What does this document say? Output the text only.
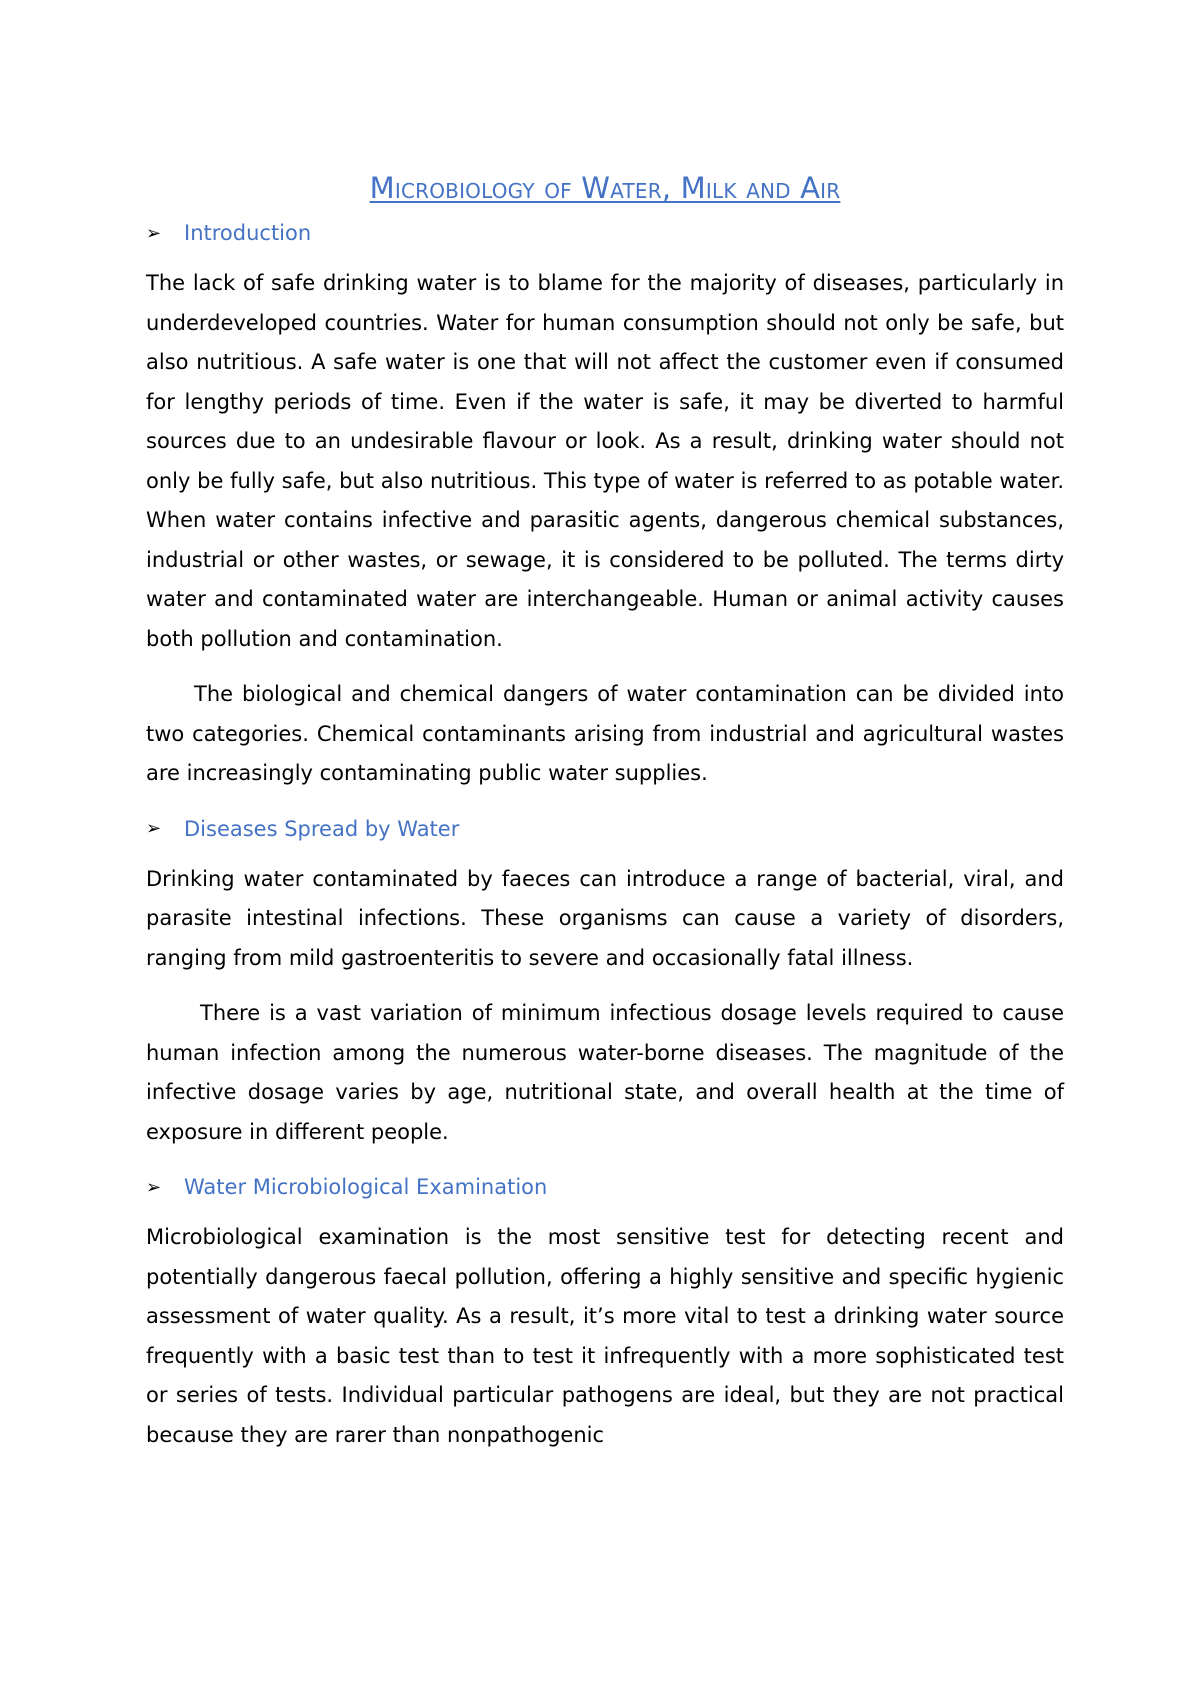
Microbiology of Water, Milk and Air
➢	Introduction

The lack of safe drinking water is to blame for the majority of diseases, particularly in underdeveloped countries. Water for human consumption should not only be safe, but also nutritious. A safe water is one that will not affect the customer even if consumed for lengthy periods of time. Even if the water is safe, it may be diverted to harmful sources due to an undesirable flavour or look. As a result, drinking water should not only be fully safe, but also nutritious. This type of water is referred to as potable water. When water contains infective and parasitic agents, dangerous chemical substances, industrial or other wastes, or sewage, it is considered to be polluted. The terms dirty water and contaminated water are interchangeable. Human or animal activity causes both pollution and contamination.

The biological and chemical dangers of water contamination can be divided into two categories. Chemical contaminants arising from industrial and agricultural wastes are increasingly contaminating public water supplies.

➢	Diseases Spread by Water

Drinking water contaminated by faeces can introduce a range of bacterial, viral, and parasite intestinal infections. These organisms can cause a variety of disorders, ranging from mild gastroenteritis to severe and occasionally fatal illness.

There is a vast variation of minimum infectious dosage levels required to cause human infection among the numerous water-borne diseases. The magnitude of the infective dosage varies by age, nutritional state, and overall health at the time of exposure in different people.

➢	Water Microbiological Examination

Microbiological examination is the most sensitive test for detecting recent and potentially dangerous faecal pollution, offering a highly sensitive and specific hygienic assessment of water quality. As a result, it’s more vital to test a drinking water source frequently with a basic test than to test it infrequently with a more sophisticated test or series of tests. Individual particular pathogens are ideal, but they are not practical because they are rarer than nonpathogenic
